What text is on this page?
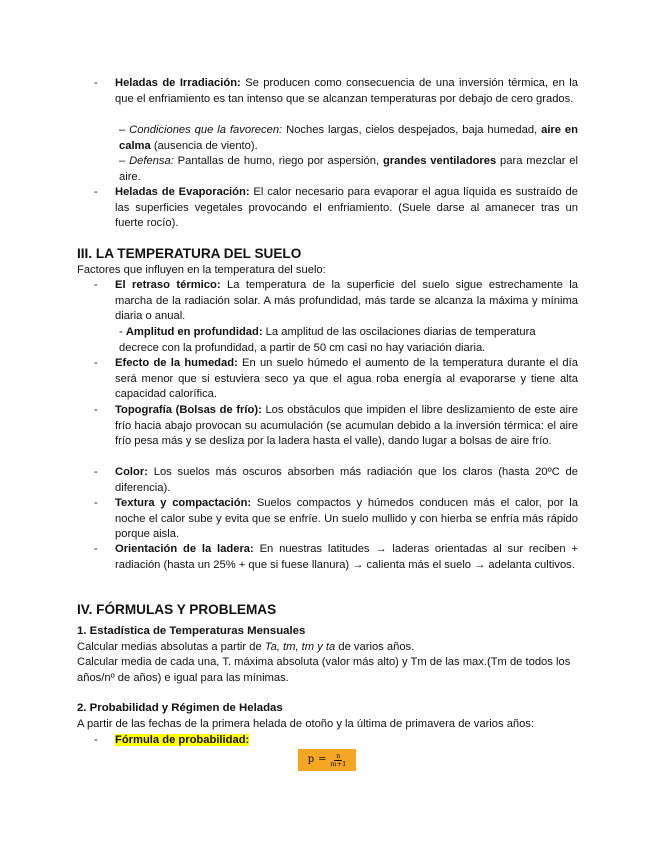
-	Heladas de Irradiación: Se producen como consecuencia de una inversión térmica, en la que el enfriamiento es tan intenso que se alcanzan temperaturas por debajo de cero grados.
– Condiciones que la favorecen: Noches largas, cielos despejados, baja humedad, aire en calma (ausencia de viento).
– Defensa: Pantallas de humo, riego por aspersión, grandes ventiladores para mezclar el aire.
-	Heladas de Evaporación: El calor necesario para evaporar el agua líquida es sustraído de las superficies vegetales provocando el enfriamiento. (Suele darse al amanecer tras un fuerte rocío).
III. LA TEMPERATURA DEL SUELO
Factores que influyen en la temperatura del suelo:
-	El retraso térmico: La temperatura de la superficie del suelo sigue estrechamente la marcha de la radiación solar. A más profundidad, más tarde se alcanza la máxima y mínima diaria o anual.
- Amplitud en profundidad: La amplitud de las oscilaciones diarias de temperatura decrece con la profundidad, a partir de 50 cm casi no hay variación diaria.
-	Efecto de la humedad: En un suelo húmedo el aumento de la temperatura durante el día será menor que si estuviera seco ya que el agua roba energía al evaporarse y tiene alta capacidad calorífica.
-	Topografía (Bolsas de frío): Los obstáculos que impiden el libre deslizamiento de este aire frío hacia abajo provocan su acumulación (se acumulan debido a la inversión térmica: el aire frío pesa más y se desliza por la ladera hasta el valle), dando lugar a bolsas de aire frío.
-	Color: Los suelos más oscuros absorben más radiación que los claros (hasta 20ºC de diferencia).
-	Textura y compactación: Suelos compactos y húmedos conducen más el calor, por la noche el calor sube y evita que se enfríe. Un suelo mullido y con hierba se enfría más rápido porque aisla.
-	Orientación de la ladera: En nuestras latitudes → laderas orientadas al sur reciben + radiación (hasta un 25% + que si fuese llanura) → calienta más el suelo → adelanta cultivos.
IV. FÓRMULAS Y PROBLEMAS
1. Estadística de Temperaturas Mensuales
Calcular medias absolutas a partir de Ta, tm, tm y ta de varios años.
Calcular media de cada una, T. máxima absoluta (valor más alto) y Tm de las max.(Tm de todos los años/nº de años) e igual para las mínimas.
2. Probabilidad y Régimen de Heladas
A partir de las fechas de la primera helada de otoño y la última de primavera de varios años:
-	Fórmula de probabilidad:
$p = \frac{n}{m+1}$
